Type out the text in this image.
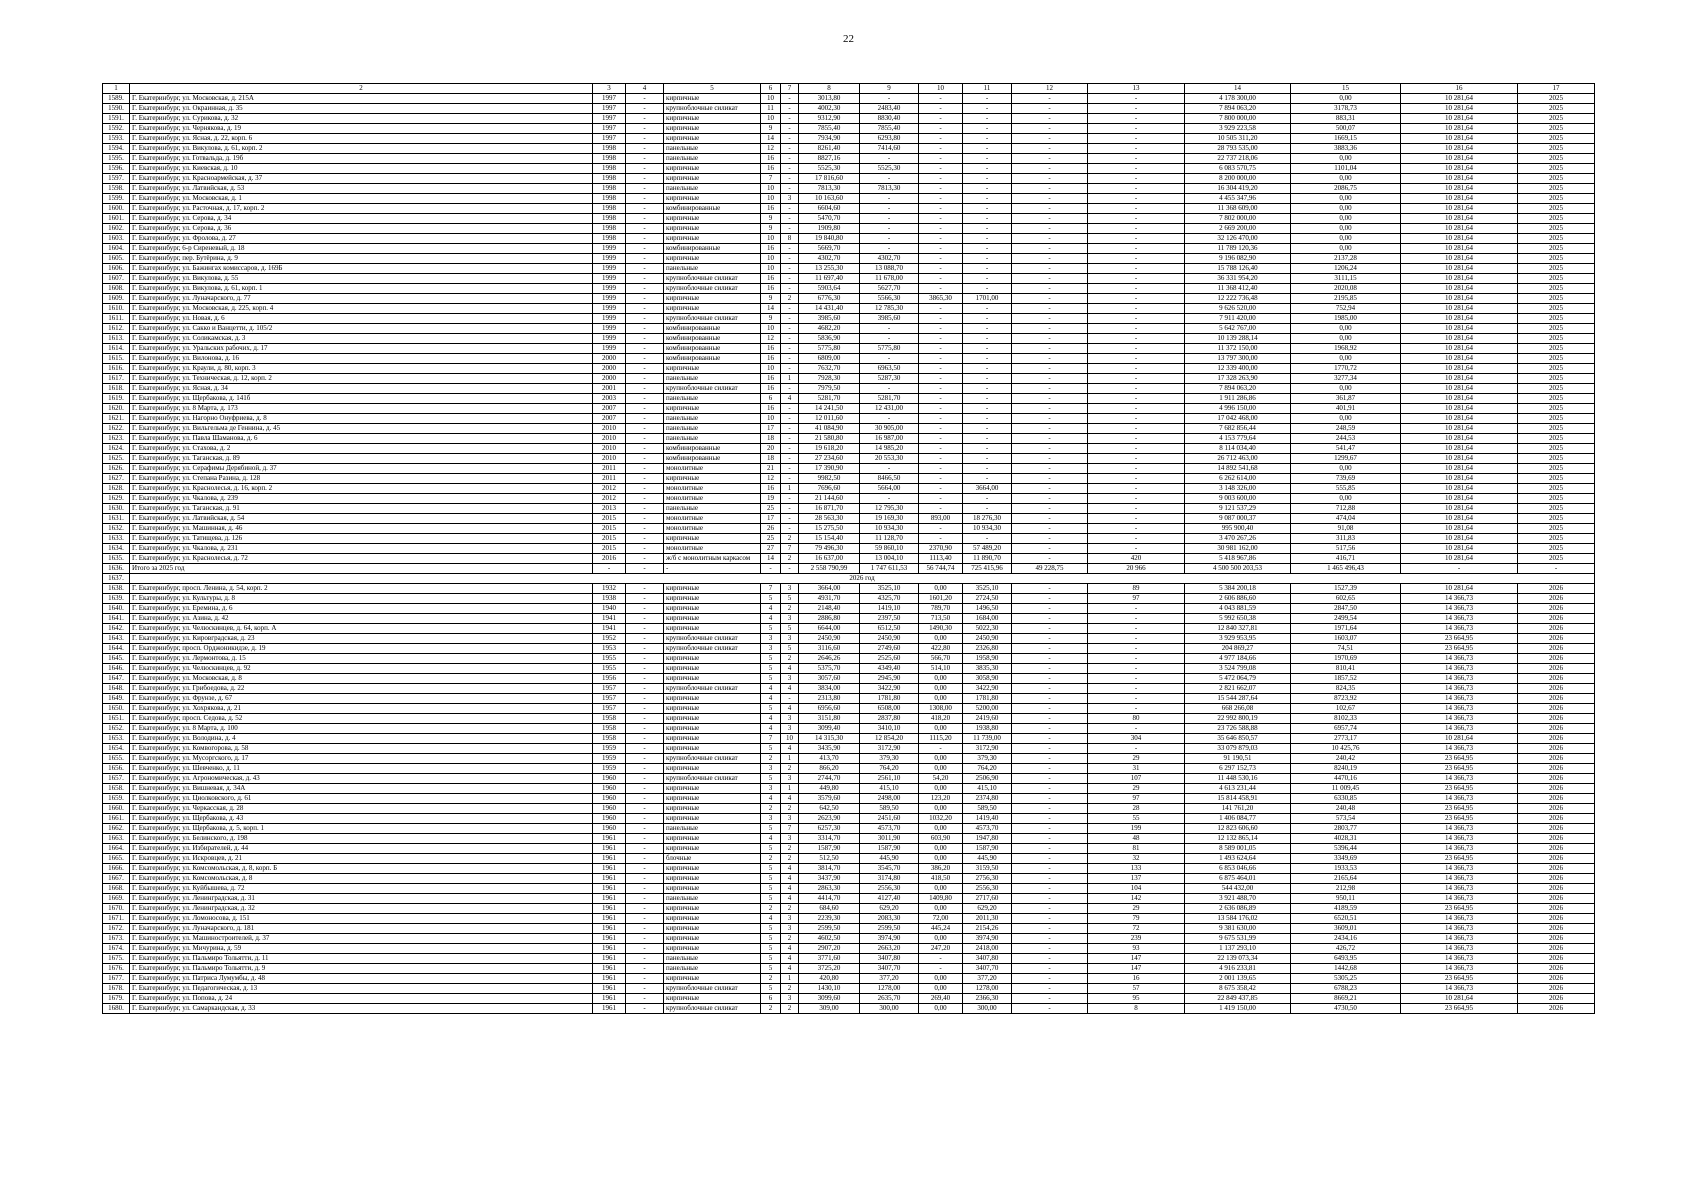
22
1	2	3	4	5	6	7	8	9	10	11	12	13	14	15	16	17
1589.	Г. Екатеринбург, ул. Московская, д. 215А	1997	-	кирпичные	10	-	3013,80	-	-	-	-	-	4 178 300,00	0,00	10 281,64	2025
1590.	Г. Екатеринбург, ул. Окраинная, д. 35	1997	-	крупноблочные силикат	11	-	4002,30	2483,40	-	-	-	-	7 894 063,20	3178,73	10 281,64	2025
1591.	Г. Екатеринбург, ул. Сурикова, д. 32	1997	-	кирпичные	10	-	9312,90	8830,40	-	-	-	-	7 800 000,00	883,31	10 281,64	2025
1592.	Г. Екатеринбург, ул. Чернякова, д. 19	1997	-	кирпичные	9	-	7855,40	7855,40	-	-	-	-	3 929 223,58	500,07	10 281,64	2025
1593.	Г. Екатеринбург, ул. Ясная, д. 22, корп. 6	1997	-	кирпичные	14	-	7934,90	6293,80	-	-	-	-	10 505 311,20	1669,15	10 281,64	2025
1594.	Г. Екатеринбург, ул. Викулова, д. 61, корп. 2	1998	-	панельные	12	-	8261,40	7414,60	-	-	-	-	28 793 535,00	3883,36	10 281,64	2025
1595.	Г. Екатеринбург, ул. Готвальда, д. 19б	1998	-	панельные	16	-	8827,16	-	-	-	-	-	22 737 218,06	0,00	10 281,64	2025
1596.	Г. Екатеринбург, ул. Киевская, д. 10	1998	-	кирпичные	16	-	5525,30	5525,30	-	-	-	-	6 083 570,75	1101,04	10 281,64	2025
1597.	Г. Екатеринбург, ул. Красноармейская, д. 37	1998	-	кирпичные	7	-	17 816,60	-	-	-	-	-	8 200 000,00	0,00	10 281,64	2025
1598.	Г. Екатеринбург, ул. Латвийская, д. 53	1998	-	панельные	10	-	7813,30	7813,30	-	-	-	-	16 304 419,20	2086,75	10 281,64	2025
1599.	Г. Екатеринбург, ул. Московская, д. 1	1998	-	кирпичные	10	3	10 163,60	-	-	-	-	-	4 455 347,96	0,00	10 281,64	2025
1600.	Г. Екатеринбург, ул. Расточная, д. 17, корп. 2	1998	-	комбинированные	16	-	6604,60	-	-	-	-	-	11 368 609,00	0,00	10 281,64	2025
1601.	Г. Екатеринбург, ул. Серова, д. 34	1998	-	кирпичные	9	-	5470,70	-	-	-	-	-	7 802 000,00	0,00	10 281,64	2025
1602.	Г. Екатеринбург, ул. Серова, д. 36	1998	-	кирпичные	9	-	1909,80	-	-	-	-	-	2 669 200,00	0,00	10 281,64	2025
1603.	Г. Екатеринбург, ул. Фролова, д. 27	1998	-	кирпичные	10	8	19 840,80	-	-	-	-	-	32 126 470,00	0,00	10 281,64	2025
1604.	Г. Екатеринбург, 6-р Сиреневый, д. 18	1999	-	комбинированные	16	-	5669,70	-	-	-	-	-	11 789 120,36	0,00	10 281,64	2025
1605.	Г. Екатеринбург, пер. Бутёрина, д. 9	1999	-	кирпичные	10	-	4302,70	4302,70	-	-	-	-	9 196 082,90	2137,28	10 281,64	2025
1606.	Г. Екатеринбург, ул. Бажингах комиссаров, д. 169Б	1999	-	панельные	10	-	13 255,30	13 088,70	-	-	-	-	15 788 126,40	1206,24	10 281,64	2025
1607.	Г. Екатеринбург, ул. Викулова, д. 55	1999	-	крупноблочные силикат	16	-	11 697,40	11 678,00	-	-	-	-	36 331 954,20	3111,15	10 281,64	2025
1608.	Г. Екатеринбург, ул. Викулова, д. 61, корп. 1	1999	-	крупноблочные силикат	16	-	5903,64	5627,70	-	-	-	-	11 368 412,40	2020,08	10 281,64	2025
1609.	Г. Екатеринбург, ул. Луначарского, д. 77	1999	-	кирпичные	9	2	6776,30	5566,30	3865,30	1701,00	-	-	12 222 736,48	2195,85	10 281,64	2025
1610.	Г. Екатеринбург, ул. Московская, д. 225, корп. 4	1999	-	кирпичные	14	-	14 431,40	12 785,30	-	-	-	-	9 626 520,00	752,94	10 281,64	2025
1611.	Г. Екатеринбург, ул. Новая, д. 6	1999	-	крупноблочные силикат	9	-	3985,60	3985,60	-	-	-	-	7 911 420,00	1985,00	10 281,64	2025
1612.	Г. Екатеринбург, ул. Сакко и Ванцетти, д. 105/2	1999	-	комбинированные	10	-	4682,20	-	-	-	-	-	5 642 767,00	0,00	10 281,64	2025
1613.	Г. Екатеринбург, ул. Соликамская, д. 3	1999	-	комбинированные	12	-	5836,90	-	-	-	-	-	10 139 288,14	0,00	10 281,64	2025
1614.	Г. Екатеринбург, ул. Уральских рабочих, д. 17	1999	-	комбинированные	16	-	5775,80	5775,80	-	-	-	-	11 372 150,00	1968,92	10 281,64	2025
1615.	Г. Екатеринбург, ул. Вилонова, д. 16	2000	-	комбинированные	16	-	6809,00	-	-	-	-	-	13 797 300,00	0,00	10 281,64	2025
1616.	Г. Екатеринбург, ул. Краули, д. 80, корп. 3	2000	-	кирпичные	10	-	7632,70	6963,50	-	-	-	-	12 339 400,00	1770,72	10 281,64	2025
1617.	Г. Екатеринбург, ул. Техническая, д. 12, корп. 2	2000	-	панельные	16	1	7928,30	5287,30	-	-	-	-	17 328 263,90	3277,34	10 281,64	2025
1618.	Г. Екатеринбург, ул. Ясная, д. 34	2001	-	крупноблочные силикат	16	-	7979,50	-	-	-	-	-	7 894 063,20	0,00	10 281,64	2025
1619.	Г. Екатеринбург, ул. Щербакова, д. 141б	2003	-	панельные	6	4	5281,70	5281,70	-	-	-	-	1 911 286,86	361,87	10 281,64	2025
1620.	Г. Екатеринбург, ул. 8 Марта, д. 173	2007	-	кирпичные	16	-	14 241,50	12 431,00	-	-	-	-	4 996 150,00	401,91	10 281,64	2025
1621.	Г. Екатеринбург, ул. Нагорно Онуфриева, д. 8	2007	-	панельные	10	-	12 011,60	-	-	-	-	-	17 042 468,00	0,00	10 281,64	2025
1622.	Г. Екатеринбург, ул. Вильгельма де Геннина, д. 45	2010	-	панельные	17	-	41 084,90	30 905,00	-	-	-	-	7 682 856,44	248,59	10 281,64	2025
1623.	Г. Екатеринбург, ул. Павла Шаманова, д. 6	2010	-	панельные	18	-	21 580,80	16 987,00	-	-	-	-	4 153 779,64	244,53	10 281,64	2025
1624.	Г. Екатеринбург, ул. Стахова, д. 2	2010	-	комбинированные	20	-	19 618,20	14 985,20	-	-	-	-	8 114 034,40	541,47	10 281,64	2025
1625.	Г. Екатеринбург, ул. Таганская, д. 89	2010	-	комбинированные	18	-	27 234,60	20 553,30	-	-	-	-	26 712 463,00	1299,67	10 281,64	2025
1626.	Г. Екатеринбург, ул. Серафимы Дерябиной, д. 37	2011	-	монолитные	21	-	17 390,90	-	-	-	-	-	14 892 541,68	0,00	10 281,64	2025
1627.	Г. Екатеринбург, ул. Степана Разина, д. 128	2011	-	кирпичные	12	-	9982,50	8466,50	-	-	-	-	6 262 614,00	739,69	10 281,64	2025
1628.	Г. Екатеринбург, ул. Краснолесья, д. 16, корп. 2	2012	-	монолитные	16	1	7696,60	5664,00	-	3664,00	-	-	3 148 326,00	555,85	10 281,64	2025
1629.	Г. Екатеринбург, ул. Чкалова, д. 239	2012	-	монолитные	19	-	21 144,60	-	-	-	-	-	9 003 600,00	0,00	10 281,64	2025
1630.	Г. Екатеринбург, ул. Таганская, д. 91	2013	-	панельные	25	-	16 871,70	12 795,30	-	-	-	-	9 121 537,29	712,88	10 281,64	2025
1631.	Г. Екатеринбург, ул. Латвийская, д. 54	2015	-	монолитные	17	-	28 563,30	19 169,30	893,00	18 276,30	-	-	9 087 000,37	474,04	10 281,64	2025
1632.	Г. Екатеринбург, ул. Машинная, д. 46	2015	-	монолитные	26	-	15 275,50	10 934,30	-	10 934,30	-	-	995 900,40	91,08	10 281,64	2025
1633.	Г. Екатеринбург, ул. Татищева, д. 126	2015	-	кирпичные	25	2	15 154,40	11 128,70	-	-	-	-	3 470 267,26	311,83	10 281,64	2025
1634.	Г. Екатеринбург, ул. Чкалова, д. 231	2015	-	монолитные	27	7	79 496,30	59 860,10	2370,90	57 489,20	-	-	30 981 162,00	517,56	10 281,64	2025
1635.	Г. Екатеринбург, ул. Краснолесья, д. 72	2016	-	ж/б с монолитным каркасом	14	2	16 637,00	13 004,10	1113,40	11 890,70	-	420	5 418 967,86	416,71	10 281,64	2025
1636.	Итого за 2025 год	-	-	-	-	-	2 558 790,99	1 747 611,53	56 744,74	725 415,96	49 228,75	20 966	4 500 500 203,53	1 465 496,43	-	-
1637.	2026 год															
1638.	Г. Екатеринбург, просп. Ленина, д. 54, корп. 2	1932	-	кирпичные	7	3	3664,00	3525,10	0,00	3525,10	-	89	5 384 200,18	1527,39	10 281,64	2026
1639.	Г. Екатеринбург, ул. Культуры, д. 8	1938	-	кирпичные	5	5	4931,70	4325,70	1601,20	2724,50	-	97	2 606 886,60	602,65	14 366,73	2026
1640.	Г. Екатеринбург, ул. Еремина, д. 6	1940	-	кирпичные	4	2	2148,40	1419,10	789,70	1496,50	-	-	4 043 881,59	2847,50	14 366,73	2026
1641.	Г. Екатеринбург, ул. Азина, д. 42	1941	-	кирпичные	4	3	2886,80	2397,50	713,50	1684,00	-	-	5 992 650,38	2499,54	14 366,73	2026
1642.	Г. Екатеринбург, ул. Челюскинцев, д. 64, корп. А	1941	-	кирпичные	5	5	6644,00	6512,50	1490,30	5022,30	-	-	12 840 327,81	1971,64	14 366,73	2026
1643.	Г. Екатеринбург, ул. Кировградская, д. 23	1952	-	крупноблочные силикат	3	3	2450,90	2450,90	0,00	2450,90	-	-	3 929 953,95	1603,07	23 664,95	2026
1644.	Г. Екатеринбург, просп. Орджоникидзе, д. 19	1953	-	крупноблочные силикат	3	5	3116,60	2749,60	422,80	2326,80	-	-	204 869,27	74,51	23 664,95	2026
1645.	Г. Екатеринбург, ул. Лермонтова, д. 15	1955	-	кирпичные	5	2	2646,26	2525,60	566,70	1958,90	-	-	4 977 184,66	1970,69	14 366,73	2026
1646.	Г. Екатеринбург, ул. Челюскинцев, д. 92	1955	-	кирпичные	5	4	5375,70	4349,40	514,10	3835,30	-	-	3 524 799,08	810,41	14 366,73	2026
1647.	Г. Екатеринбург, ул. Московская, д. 8	1956	-	кирпичные	5	3	3057,60	2945,90	0,00	3058,90	-	-	5 472 064,79	1857,52	14 366,73	2026
1648.	Г. Екатеринбург, ул. Грибоедова, д. 22	1957	-	крупноблочные силикат	4	4	3834,00	3422,90	0,00	3422,90	-	-	2 821 662,07	824,35	14 366,73	2026
1649.	Г. Екатеринбург, ул. Фрунзе, д. 67	1957	-	кирпичные	4	-	2313,80	1781,80	0,00	1781,80	-	-	15 544 287,64	8723,92	14 366,73	2026
1650.	Г. Екатеринбург, ул. Хохрякова, д. 21	1957	-	кирпичные	5	4	6956,60	6508,00	1308,00	5200,00	-	-	668 266,08	102,67	14 366,73	2026
1651.	Г. Екатеринбург, просп. Седова, д. 52	1958	-	кирпичные	4	3	3151,80	2837,80	418,20	2419,60	-	80	22 992 800,19	8102,33	14 366,73	2026
1652.	Г. Екатеринбург, ул. 8 Марта, д. 100	1958	-	кирпичные	4	3	3099,40	3410,10	0,00	1938,80	-	-	23 726 588,88	6957,74	14 366,73	2026
1653.	Г. Екатеринбург, ул. Володина, д. 4	1958	-	кирпичные	7	10	14 315,30	12 854,20	1115,20	11 739,00	-	304	35 646 850,57	2773,17	10 281,64	2026
1654.	Г. Екатеринбург, ул. Комвогорова, д. 58	1959	-	кирпичные	5	4	3435,90	3172,90	-	3172,90	-	-	33 079 879,03	10 425,76	14 366,73	2026
1655.	Г. Екатеринбург, ул. Мусоргского, д. 17	1959	-	крупноблочные силикат	2	1	413,70	379,30	0,00	379,30	-	29	91 190,51	240,42	23 664,95	2026
1656.	Г. Екатеринбург, ул. Шевченко, д. 11	1959	-	кирпичные	3	2	866,20	764,20	0,00	764,20	-	31	6 297 152,73	8240,19	23 664,95	2026
1657.	Г. Екатеринбург, ул. Агрономическая, д. 43	1960	-	крупноблочные силикат	5	3	2744,70	2561,10	54,20	2506,90	-	107	11 448 530,16	4470,16	14 366,73	2026
1658.	Г. Екатеринбург, ул. Вишневая, д. 34А	1960	-	кирпичные	3	1	449,80	415,10	0,00	415,10	-	29	4 613 231,44	11 009,45	23 664,95	2026
1659.	Г. Екатеринбург, ул. Циолковского, д. 61	1960	-	кирпичные	4	4	3579,60	2498,00	123,20	2374,80	-	97	15 814 458,91	6330,85	14 366,73	2026
1660.	Г. Екатеринбург, ул. Черкасская, д. 28	1960	-	кирпичные	2	2	642,50	589,50	0,00	589,50	-	28	141 761,20	240,48	23 664,95	2026
1661.	Г. Екатеринбург, ул. Щербакова, д. 43	1960	-	кирпичные	3	3	2623,90	2451,60	1032,20	1419,40	-	55	1 406 084,77	573,54	23 664,95	2026
1662.	Г. Екатеринбург, ул. Щербакова, д. 5, корп. 1	1960	-	панельные	5	7	6257,30	4573,70	0,00	4573,70	-	199	12 823 606,60	2803,77	14 366,73	2026
1663.	Г. Екатеринбург, ул. Белинского, д. 198	1961	-	кирпичные	4	3	3314,70	3011,90	603,90	1947,80	-	48	12 132 865,14	4028,31	14 366,73	2026
1664.	Г. Екатеринбург, ул. Избирателей, д. 44	1961	-	кирпичные	5	2	1587,90	1587,90	0,00	1587,90	-	81	8 589 001,05	5396,44	14 366,73	2026
1665.	Г. Екатеринбург, ул. Искровцев, д. 21	1961	-	блочные	2	2	512,50	445,90	0,00	445,90	-	32	1 493 624,64	3349,69	23 664,95	2026
1666.	Г. Екатеринбург, ул. Комсомольская, д. 8, корп. Б	1961	-	кирпичные	5	4	3814,70	3545,70	386,20	3159,50	-	133	6 853 046,66	1933,53	14 366,73	2026
1667.	Г. Екатеринбург, ул. Комсомольская, д. 8	1961	-	кирпичные	5	4	3437,90	3174,80	418,50	2756,30	-	137	6 875 464,01	2165,64	14 366,73	2026
1668.	Г. Екатеринбург, ул. Куйбышева, д. 72	1961	-	кирпичные	5	4	2863,30	2556,30	0,00	2556,30	-	104	544 432,00	212,98	14 366,73	2026
1669.	Г. Екатеринбург, ул. Ленинградская, д. 31	1961	-	панельные	5	4	4414,70	4127,40	1409,80	2717,60	-	142	3 921 488,70	950,11	14 366,73	2026
1670.	Г. Екатеринбург, ул. Ленинградская, д. 32	1961	-	кирпичные	2	2	684,60	629,20	0,00	629,20	-	29	2 636 086,89	4189,59	23 664,95	2026
1671.	Г. Екатеринбург, ул. Ломоносова, д. 151	1961	-	кирпичные	4	3	2239,30	2083,30	72,00	2011,30	-	79	13 584 176,02	6520,51	14 366,73	2026
1672.	Г. Екатеринбург, ул. Луначарского, д. 181	1961	-	кирпичные	5	3	2599,50	2599,50	445,24	2154,26	-	72	9 381 630,00	3609,01	14 366,73	2026
1673.	Г. Екатеринбург, ул. Машиностроителей, д. 37	1961	-	кирпичные	5	2	4602,50	3974,90	0,00	3974,90	-	239	9 675 531,99	2434,16	14 366,73	2026
1674.	Г. Екатеринбург, ул. Мичурина, д. 59	1961	-	кирпичные	5	4	2907,20	2663,20	247,20	2418,00	-	93	1 137 293,10	426,72	14 366,73	2026
1675.	Г. Екатеринбург, ул. Пальмиро Тольятти, д. 11	1961	-	панельные	5	4	3771,60	3407,80	-	3407,80	-	147	22 139 073,34	6493,95	14 366,73	2026
1676.	Г. Екатеринбург, ул. Пальмиро Тольятти, д. 9	1961	-	панельные	5	4	3725,20	3407,70	-	3407,70	-	147	4 916 233,81	1442,68	14 366,73	2026
1677.	Г. Екатеринбург, ул. Патриса Лумумбы, д. 48	1961	-	кирпичные	2	1	420,80	377,20	0,00	377,20	-	16	2 001 139,65	5305,25	23 664,95	2026
1678.	Г. Екатеринбург, ул. Педагогическая, д. 13	1961	-	крупноблочные силикат	5	2	1430,10	1278,00	0,00	1278,00	-	57	8 675 358,42	6788,23	14 366,73	2026
1679.	Г. Екатеринбург, ул. Попова, д. 24	1961	-	кирпичные	6	3	3099,60	2635,70	269,40	2366,30	-	95	22 849 437,85	8669,21	10 281,64	2026
1680.	Г. Екатеринбург, ул. Самаркандская, д. 33	1961	-	крупноблочные силикат	2	2	309,00	300,00	0,00	300,00	-	8	1 419 150,00	4730,50	23 664,95	2026
